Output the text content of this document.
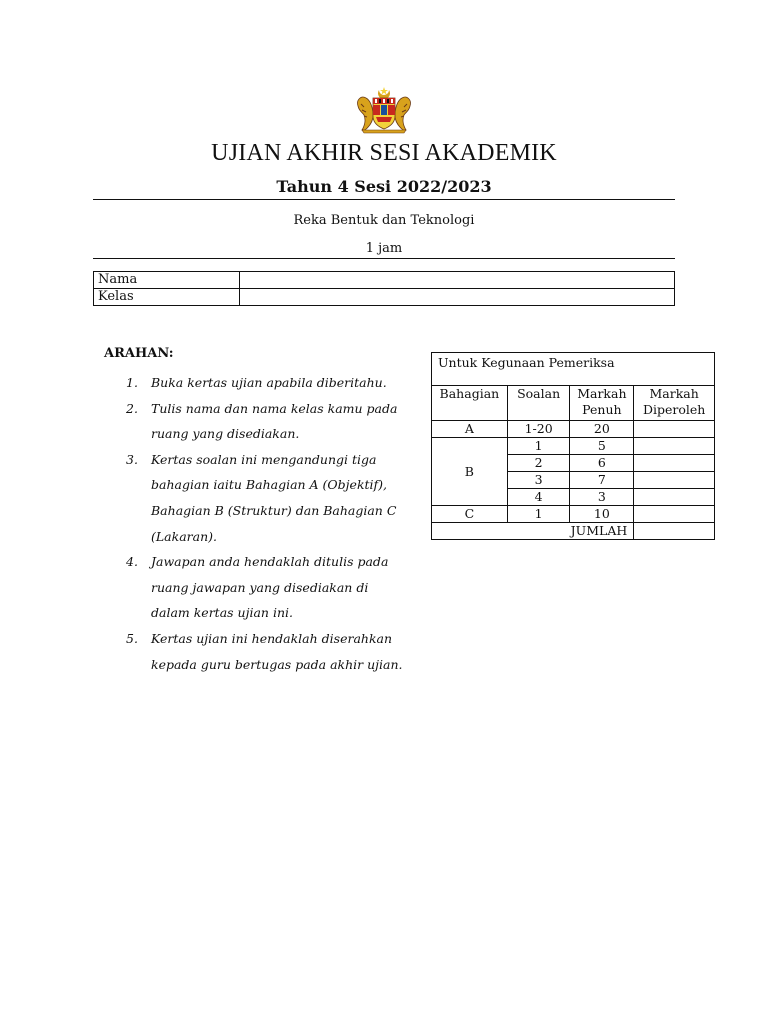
UJIAN AKHIR SESI AKADEMIK
Tahun 4 Sesi 2022/2023
Reka Bentuk dan Teknologi
1 jam
Nama	
Kelas	
ARAHAN:
1. Buka kertas ujian apabila diberitahu.
2. Tulis nama dan nama kelas kamu pada ruang yang disediakan.
3. Kertas soalan ini mengandungi tiga bahagian iaitu Bahagian A (Objektif), Bahagian B (Struktur) dan Bahagian C (Lakaran).
4. Jawapan anda hendaklah ditulis pada ruang jawapan yang disediakan di dalam kertas ujian ini.
5. Kertas ujian ini hendaklah diserahkan kepada guru bertugas pada akhir ujian.
Untuk Kegunaan Pemeriksa			
Bahagian	Soalan	Markah Penuh	Markah Diperoleh
A	1-20	20	
B	1	5	
	2	6	
	3	7	
	4	3	
C	1	10	
JUMLAH			
